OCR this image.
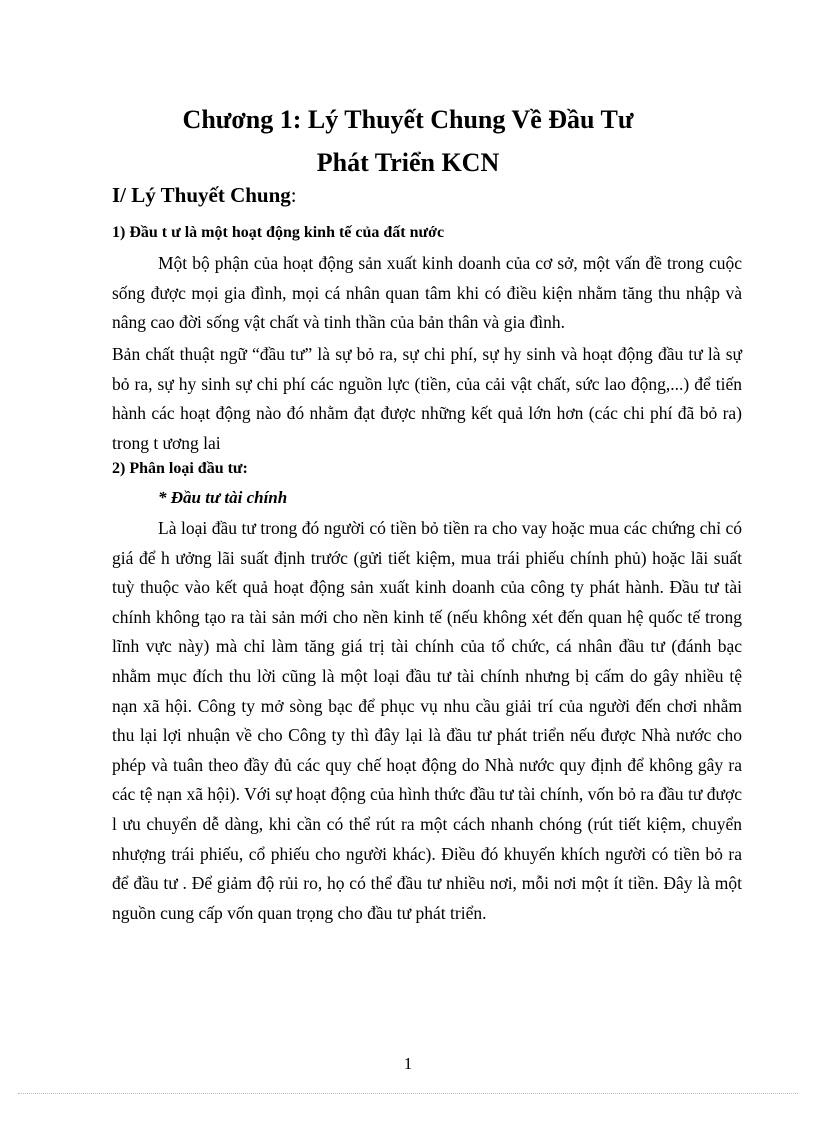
Chương 1: Lý Thuyết Chung Về Đầu Tư
Phát Triển KCN
I/ Lý Thuyết Chung:
1) Đầu t ư là một hoạt động kinh tế của đất nước

Một bộ phận của hoạt động sản xuất kinh doanh của cơ sở, một vấn đề trong cuộc sống được mọi gia đình, mọi cá nhân quan tâm khi có điều kiện nhằm tăng thu nhập và nâng cao đời sống vật chất và tinh thần của bản thân và gia đình.

Bản chất thuật ngữ “đầu tư” là sự bỏ ra, sự chi phí, sự hy sinh và hoạt động đầu tư là sự bỏ ra, sự hy sinh sự chi phí các nguồn lực (tiền, của cải vật chất, sức lao động,...) để tiến hành các hoạt động nào đó nhằm đạt được những kết quả lớn hơn (các chi phí đã bỏ ra) trong t ương lai

2) Phân loại đầu tư:

* Đầu tư tài chính

Là loại đầu tư trong đó người có tiền bỏ tiền ra cho vay hoặc mua các chứng chỉ có giá để h ưởng lãi suất định trước (gửi tiết kiệm, mua trái phiếu chính phủ) hoặc lãi suất tuỳ thuộc vào kết quả hoạt động sản xuất kinh doanh của công ty phát hành. Đầu tư tài chính không tạo ra tài sản mới cho nền kinh tế (nếu không xét đến quan hệ quốc tế trong lĩnh vực này) mà chỉ làm tăng giá trị tài chính của tổ chức, cá nhân đầu tư (đánh bạc nhằm mục đích thu lời cũng là một loại đầu tư tài chính nhưng bị cấm do gây nhiều tệ nạn xã hội. Công ty mở sòng bạc để phục vụ nhu cầu giải trí của người đến chơi nhằm thu lại lợi nhuận về cho Công ty thì đây lại là đầu tư phát triển nếu được Nhà nước cho phép và tuân theo đầy đủ các quy chế hoạt động do Nhà nước quy định để không gây ra các tệ nạn xã hội). Với sự hoạt động của hình thức đầu tư tài chính, vốn bỏ ra đầu tư được l ưu chuyển dễ dàng, khi cần có thể rút ra một cách nhanh chóng (rút tiết kiệm, chuyển nhượng trái phiếu, cổ phiếu cho người khác). Điều đó khuyến khích người có tiền bỏ ra để đầu tư . Để giảm độ rủi ro, họ có thể đầu tư nhiều nơi, mỗi nơi một ít tiền. Đây là một nguồn cung cấp vốn quan trọng cho đầu tư phát triển.

1
